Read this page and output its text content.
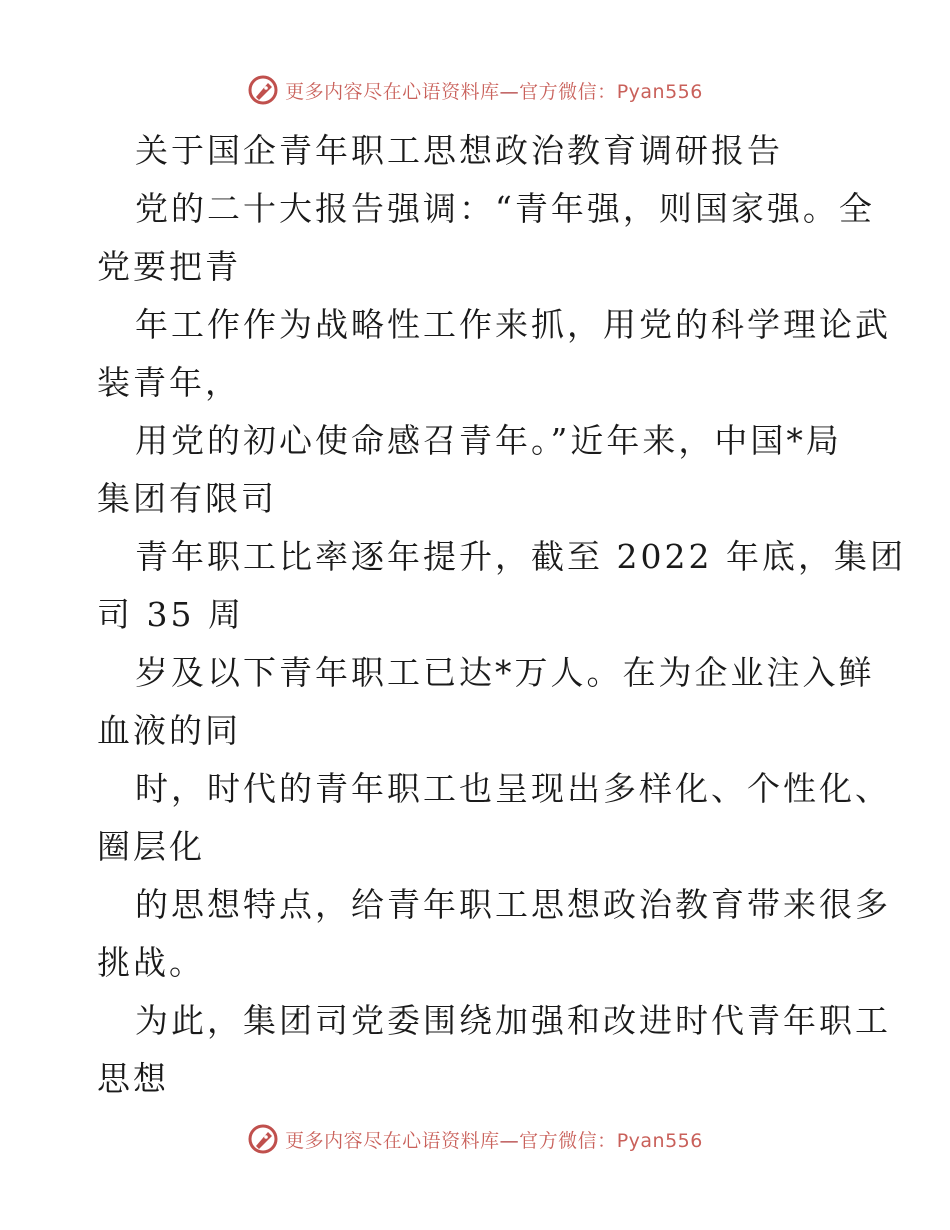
更多内容尽在心语资料库—官方微信：Pyan556
关于国企青年职工思想政治教育调研报告
党的二十大报告强调：“青年强，则国家强。全
党要把青
年工作作为战略性工作来抓，用党的科学理论武
装青年，
用党的初心使命感召青年。”近年来，中国*局
集团有限司
青年职工比率逐年提升，截至 2022 年底，集团
司 35 周
岁及以下青年职工已达*万人。在为企业注入鲜
血液的同
时，时代的青年职工也呈现出多样化、个性化、
圈层化
的思想特点，给青年职工思想政治教育带来很多
挑战。
为此，集团司党委围绕加强和改进时代青年职工
思想
更多内容尽在心语资料库—官方微信：Pyan556
